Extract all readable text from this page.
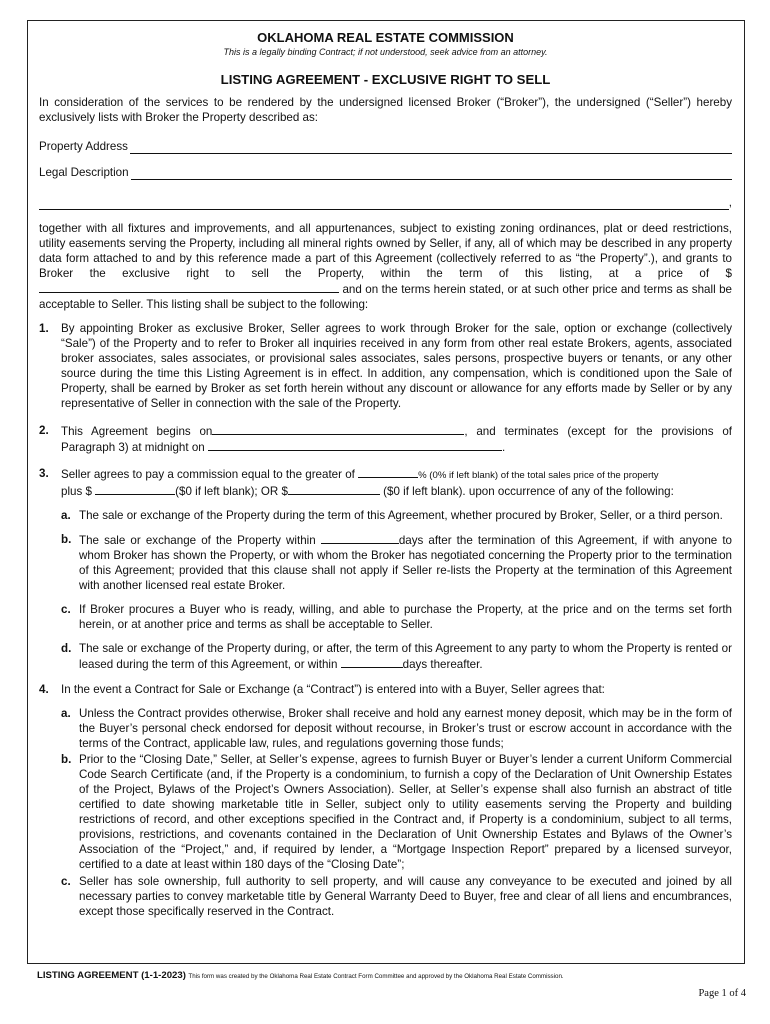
OKLAHOMA REAL ESTATE COMMISSION
This is a legally binding Contract; if not understood, seek advice from an attorney.
LISTING AGREEMENT - EXCLUSIVE RIGHT TO SELL
In consideration of the services to be rendered by the undersigned licensed Broker (“Broker”), the undersigned (“Seller”) hereby exclusively lists with Broker the Property described as:
Property Address
Legal Description
,
together with all fixtures and improvements, and all appurtenances, subject to existing zoning ordinances, plat or deed restrictions, utility easements serving the Property, including all mineral rights owned by Seller, if any, all of which may be described in any property data form attached to and by this reference made a part of this Agreement (collectively referred to as “the Property”.), and grants to Broker the exclusive right to sell the Property, within the term of this listing, at a price of $ and on the terms herein stated, or at such other price and terms as shall be acceptable to Seller. This listing shall be subject to the following:
1.	By appointing Broker as exclusive Broker, Seller agrees to work through Broker for the sale, option or exchange (collectively “Sale”) of the Property and to refer to Broker all inquiries received in any form from other real estate Brokers, agents, associated broker associates, sales associates, or provisional sales associates, sales persons, prospective buyers or tenants, or any other source during the time this Listing Agreement is in effect. In addition, any compensation, which is conditioned upon the Sale of Property, shall be earned by Broker as set forth herein without any discount or allowance for any efforts made by Seller or by any representative of Seller in connection with the sale of the Property.
2.	This Agreement begins on	, and terminates (except for the provisions of Paragraph 3) at midnight on	.
3.	Seller agrees to pay a commission equal to the greater of	% (0% if left blank) of the total sales price of the property
plus $	($0 if left blank); OR $	($0 if left blank). upon occurrence of any of the following:
a. The sale or exchange of the Property during the term of this Agreement, whether procured by Broker, Seller, or a third person.
b. The sale or exchange of the Property within	days after the termination of this Agreement, if with anyone to whom Broker has shown the Property, or with whom the Broker has negotiated concerning the Property prior to the termination of this Agreement; provided that this clause shall not apply if Seller re-lists the Property at the termination of this Agreement with another licensed real estate Broker.
c. If Broker procures a Buyer who is ready, willing, and able to purchase the Property, at the price and on the terms set forth herein, or at another price and terms as shall be acceptable to Seller.
d. The sale or exchange of the Property during, or after, the term of this Agreement to any party to whom the Property is rented or leased during the term of this Agreement, or within	days thereafter.
4.	In the event a Contract for Sale or Exchange (a “Contract”) is entered into with a Buyer, Seller agrees that:
a. Unless the Contract provides otherwise, Broker shall receive and hold any earnest money deposit, which may be in the form of the Buyer’s personal check endorsed for deposit without recourse, in Broker’s trust or escrow account in accordance with the terms of the Contract, applicable law, rules, and regulations governing those funds;
b. Prior to the “Closing Date,” Seller, at Seller’s expense, agrees to furnish Buyer or Buyer’s lender a current Uniform Commercial Code Search Certificate (and, if the Property is a condominium, to furnish a copy of the Declaration of Unit Ownership Estates of the Project, Bylaws of the Project’s Owners Association). Seller, at Seller’s expense shall also furnish an abstract of title certified to date showing marketable title in Seller, subject only to utility easements serving the Property and building restrictions of record, and other exceptions specified in the Contract and, if Property is a condominium, subject to all terms, provisions, restrictions, and covenants contained in the Declaration of Unit Ownership Estates and Bylaws of the Owner’s Association of the “Project,” and, if required by lender, a “Mortgage Inspection Report” prepared by a licensed surveyor, certified to a date at least within 180 days of the “Closing Date”;
c. Seller has sole ownership, full authority to sell property, and will cause any conveyance to be executed and joined by all necessary parties to convey marketable title by General Warranty Deed to Buyer, free and clear of all liens and encumbrances, except those specifically reserved in the Contract.
LISTING AGREEMENT (1-1-2023) This form was created by the Oklahoma Real Estate Contract Form Committee and approved by the Oklahoma Real Estate Commission.
Page 1 of 4
